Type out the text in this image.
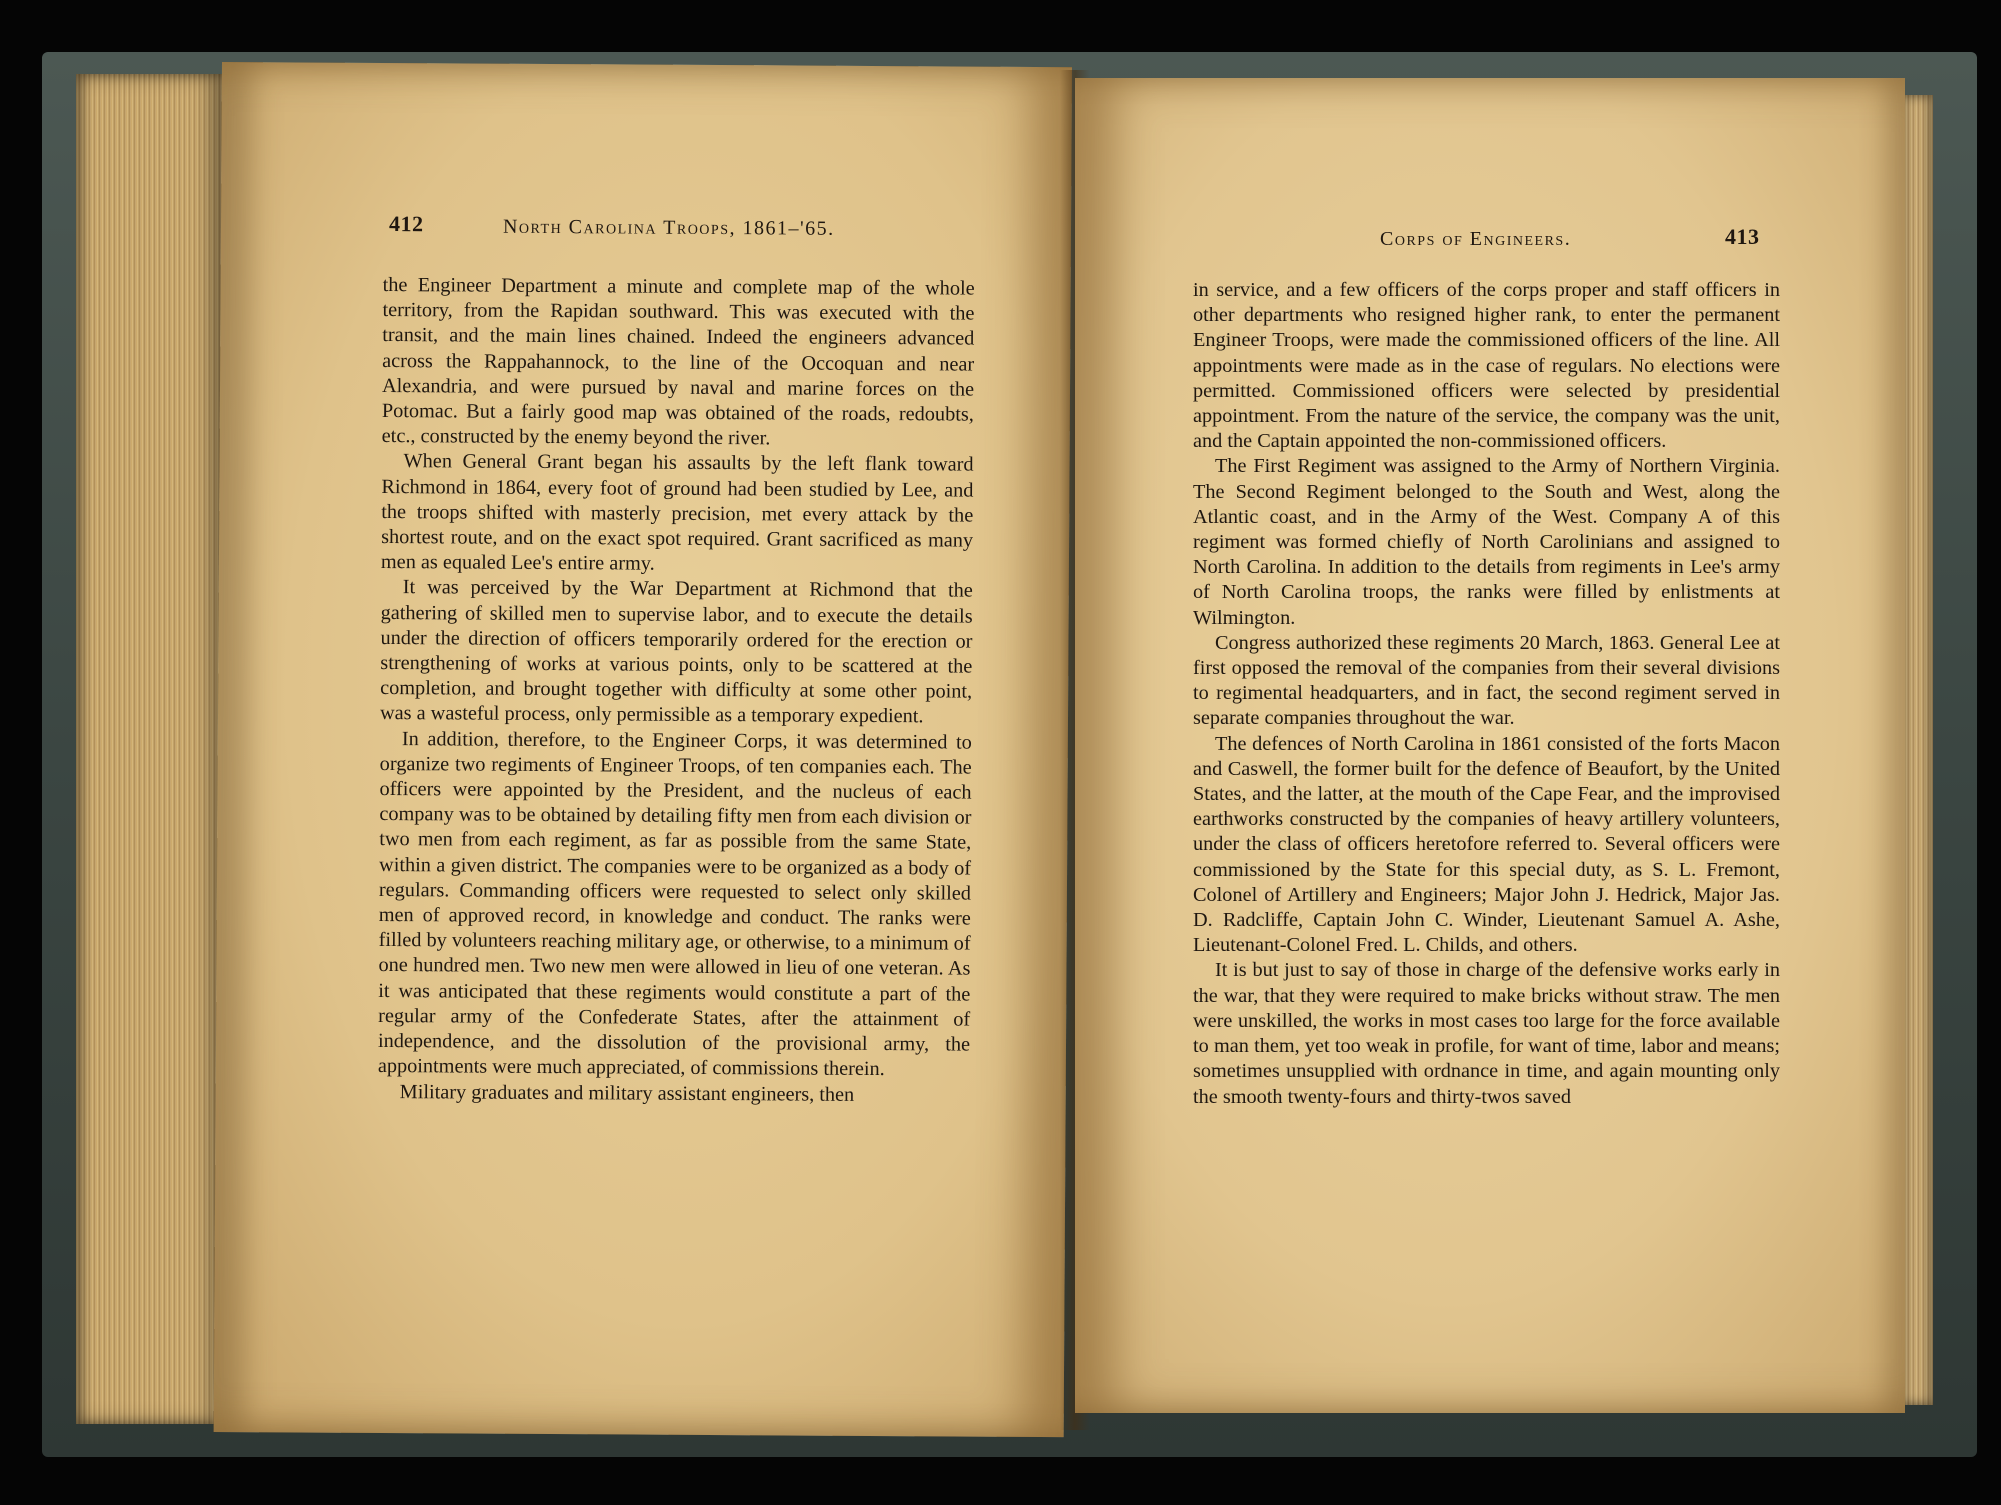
412	North Carolina Troops, 1861–'65.

the Engineer Department a minute and complete map of the whole territory, from the Rapidan southward. This was executed with the transit, and the main lines chained. Indeed the engineers advanced across the Rappahannock, to the line of the Occoquan and near Alexandria, and were pursued by naval and marine forces on the Potomac. But a fairly good map was obtained of the roads, redoubts, etc., constructed by the enemy beyond the river.

When General Grant began his assaults by the left flank toward Richmond in 1864, every foot of ground had been studied by Lee, and the troops shifted with masterly precision, met every attack by the shortest route, and on the exact spot required. Grant sacrificed as many men as equaled Lee's entire army.

It was perceived by the War Department at Richmond that the gathering of skilled men to supervise labor, and to execute the details under the direction of officers temporarily ordered for the erection or strengthening of works at various points, only to be scattered at the completion, and brought together with difficulty at some other point, was a wasteful process, only permissible as a temporary expedient.

In addition, therefore, to the Engineer Corps, it was determined to organize two regiments of Engineer Troops, of ten companies each. The officers were appointed by the President, and the nucleus of each company was to be obtained by detailing fifty men from each division or two men from each regiment, as far as possible from the same State, within a given district. The companies were to be organized as a body of regulars. Commanding officers were requested to select only skilled men of approved record, in knowledge and conduct. The ranks were filled by volunteers reaching military age, or otherwise, to a minimum of one hundred men. Two new men were allowed in lieu of one veteran. As it was anticipated that these regiments would constitute a part of the regular army of the Confederate States, after the attainment of independence, and the dissolution of the provisional army, the appointments were much appreciated, of commissions therein.

Military graduates and military assistant engineers, then

Corps of Engineers.	413

in service, and a few officers of the corps proper and staff officers in other departments who resigned higher rank, to enter the permanent Engineer Troops, were made the commissioned officers of the line. All appointments were made as in the case of regulars. No elections were permitted. Commissioned officers were selected by presidential appointment. From the nature of the service, the company was the unit, and the Captain appointed the non-commissioned officers.

The First Regiment was assigned to the Army of Northern Virginia. The Second Regiment belonged to the South and West, along the Atlantic coast, and in the Army of the West. Company A of this regiment was formed chiefly of North Carolinians and assigned to North Carolina. In addition to the details from regiments in Lee's army of North Carolina troops, the ranks were filled by enlistments at Wilmington.

Congress authorized these regiments 20 March, 1863. General Lee at first opposed the removal of the companies from their several divisions to regimental headquarters, and in fact, the second regiment served in separate companies throughout the war.

The defences of North Carolina in 1861 consisted of the forts Macon and Caswell, the former built for the defence of Beaufort, by the United States, and the latter, at the mouth of the Cape Fear, and the improvised earthworks constructed by the companies of heavy artillery volunteers, under the class of officers heretofore referred to. Several officers were commissioned by the State for this special duty, as S. L. Fremont, Colonel of Artillery and Engineers; Major John J. Hedrick, Major Jas. D. Radcliffe, Captain John C. Winder, Lieutenant Samuel A. Ashe, Lieutenant-Colonel Fred. L. Childs, and others.

It is but just to say of those in charge of the defensive works early in the war, that they were required to make bricks without straw. The men were unskilled, the works in most cases too large for the force available to man them, yet too weak in profile, for want of time, labor and means; sometimes unsupplied with ordnance in time, and again mounting only the smooth twenty-fours and thirty-twos saved
